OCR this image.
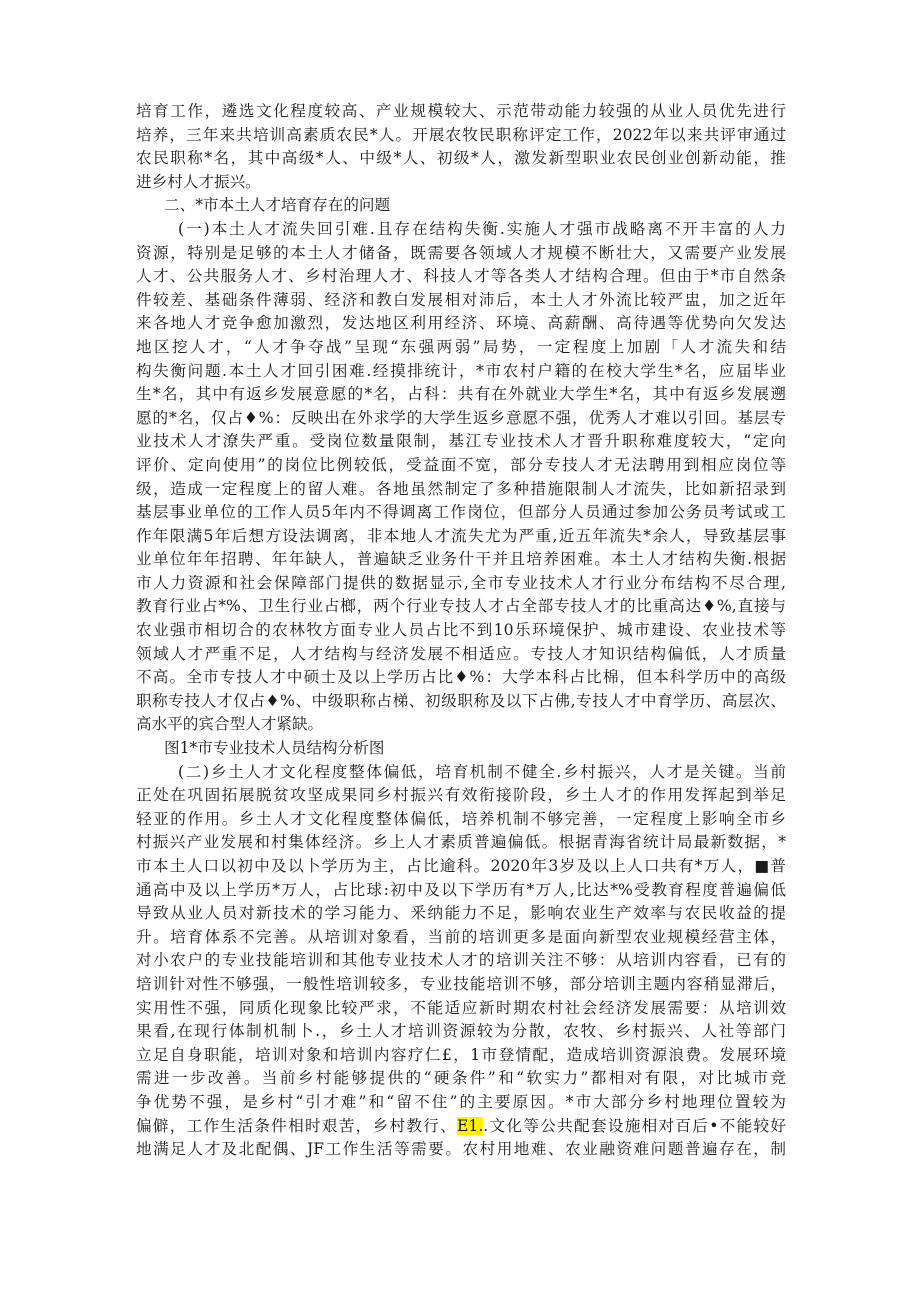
培育工作，遴选文化程度较高、产业规模较大、示范带动能力较强的从业人员优先进行
培养，三年来共培训高素质农民*人。开展农牧民职称评定工作，2022年以来共评审通过
农民职称*名，其中高级*人、中级*人、初级*人，激发新型职业农民创业创新动能，推
进乡村人才振兴。
二、*市本土人才培育存在的问题
(一)本土人才流失回引难.且存在结构失衡.实施人才强市战略离不开丰富的人力
资源，特别是足够的本土人才储备，既需要各领域人才规模不断壮大，又需要产业发展
人才、公共服务人才、乡村治理人才、科技人才等各类人才结构合理。但由于*市自然条
件较差、基础条件薄弱、经济和教白发展相对沛后，本土人才外流比较严盅，加之近年
来各地人才竞争愈加激烈，发达地区利用经济、环境、高薪酬、高待遇等优势向欠发达
地区挖人才，“人才争夺战”呈现“东强两弱”局势，一定程度上加剧「人才流失和结
构失衡问题.本土人才回引困难.经摸排统计，*市农村户籍的在校大学生*名，应届毕业
生*名，其中有返乡发展意愿的*名，占科：共有在外就业大学生*名，其中有返乡发展遡
愿的*名，仅占♦%：反映出在外求学的大学生返乡意愿不强，优秀人才难以引回。基层专
业技术人才潦失严重。受岗位数量限制，基江专业技术人才晋升职称难度较大，“定向
评价、定向使用”的岗位比例较低，受益面不宽，部分专技人才无法聘用到相应岗位等
级，造成一定程度上的留人难。各地虽然制定了多种措施限制人才流失，比如新招录到
基层事业单位的工作人员5年内不得调离工作岗位，但部分人员通过参加公务员考试或工
作年限满5年后想方设法调离，非本地人才流失尤为严重,近五年流失*余人，导致基层事
业单位年年招聘、年年缺人，普遍缺乏业务什干并且培养困难。本土人才结构失衡.根据
市人力资源和社会保障部门提供的数据显示,全市专业技术人才行业分布结构不尽合理,
教育行业占*%、卫生行业占榔，两个行业专技人才占全部专技人才的比重高达♦%,直接与
农业强市相切合的农林牧方面专业人员占比不到10乐环境保护、城市建设、农业技术等
领域人才严重不足，人才结构与经济发展不相适应。专技人才知识结构偏低，人才质量
不高。全市专技人才中硕士及以上学历占比♦%：大学本科占比棉，但本科学历中的高级
职称专技人才仅占♦%、中级职称占梯、初级职称及以下占佛,专技人才中育学历、高层次、
高水平的宾合型人才紧缺。
图1*市专业技术人员结构分析图
(二)乡土人才文化程度整体偏低，培育机制不健全.乡村振兴，人才是关键。当前
正处在巩固拓展脱贫攻坚成果同乡村振兴有效衔接阶段，乡土人才的作用发挥起到举足
轻亚的作用。乡土人才文化程度整体偏低，培养机制不够完善，一定程度上影响全市乡
村振兴产业发展和村集体经济。乡上人才素质普遍偏低。根据青海省统计局最新数据，*
市本土人口以初中及以卜学历为主，占比逾科。2020年3岁及以上人口共有*万人，■普
通高中及以上学历*万人，占比球:初中及以下学历有*万人,比达*%受教育程度普遍偏低
导致从业人员对新技术的学习能力、釆纳能力不足，影响农业生产效率与农民收益的提
升。培育体系不完善。从培训对象看，当前的培训更多是面向新型农业规模经营主体，
对小农户的专业技能培训和其他专业技术人才的培训关注不够：从培训内容看，已有的
培训针对性不够强，一般性培训较多，专业技能培训不够，部分培训主题内容稍显滞后，
实用性不强，同质化现象比较严求，不能适应新时期农村社会经济发展需要：从培训效
果看,在现行体制机制卜.，乡土人才培训资源较为分散，农牧、乡村振兴、人社等部门
立足自身职能，培训对象和培训内容疗仁£，1市登情配，造成培训资源浪费。发展环境
需进一步改善。当前乡村能够提供的“硬条件”和“软实力”都相对有限，对比城市竞
争优势不强，是乡村“引才难”和“留不住”的主要原因。*市大部分乡村地理位置较为
偏僻，工作生活条件相时艰苦，乡村教行、E1..文化等公共配套设施相对百后•不能较好
地满足人才及北配偶、JF工作生活等需要。农村用地难、农业融资难问题普遍存在，制
